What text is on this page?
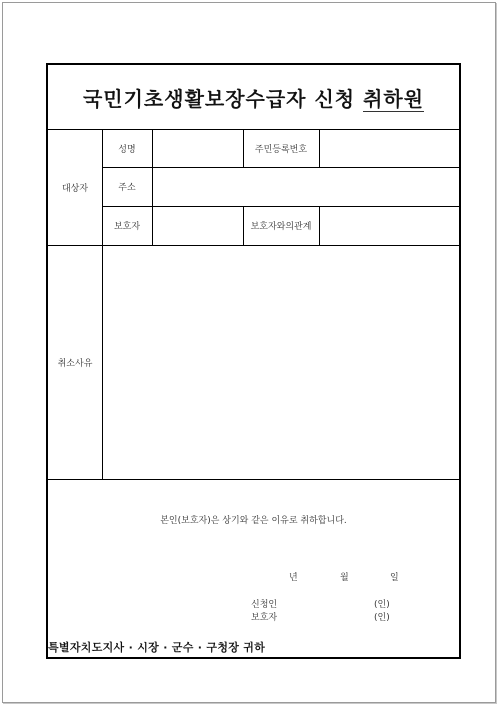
국민기초생활보장수급자 신청 취하원
대상자
성명	주민등록번호
주소
보호자	보호자와의관계
취소사유
본인(보호자)은 상기와 같은 이유로 취하합니다.
년	월	일
신청인	(인)
보호자	(인)
특별자치도지사 · 시장 · 군수 · 구청장 귀하
